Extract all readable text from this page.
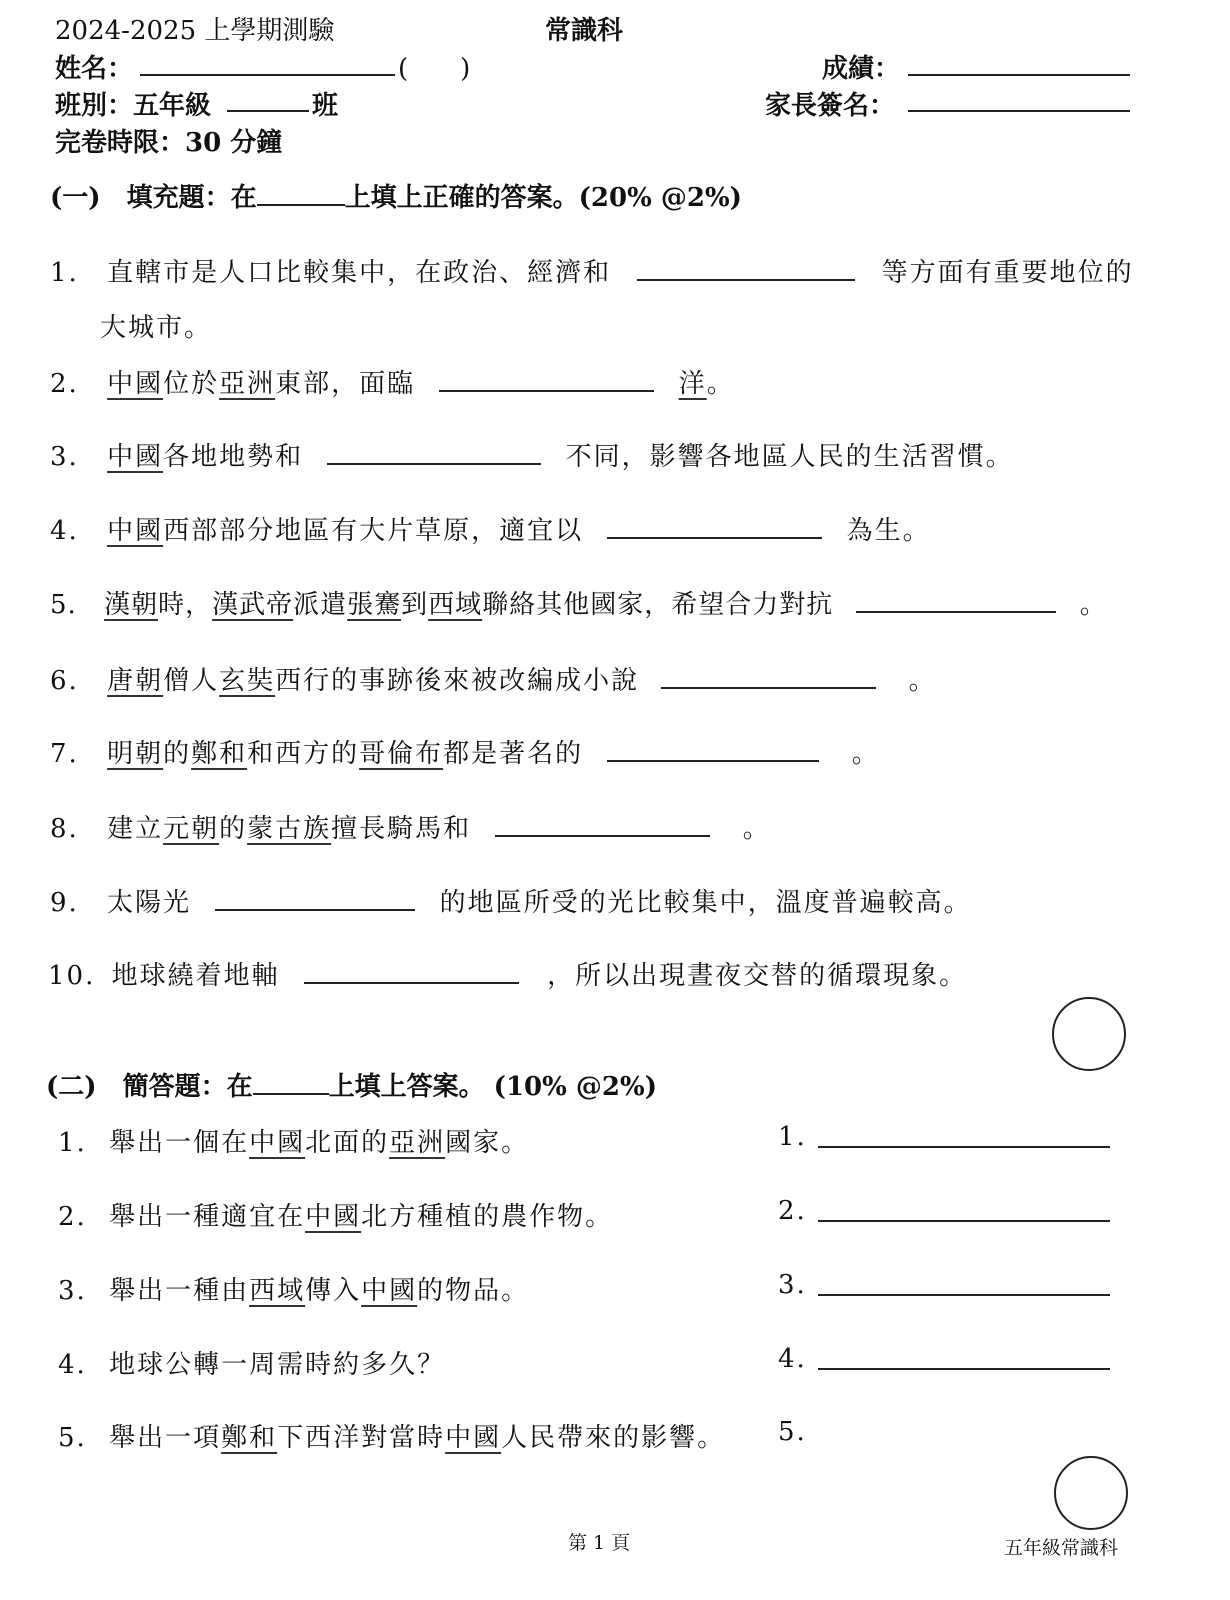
2024-2025 上學期測驗	常識科
姓名：	(　　)	成績：
班別：五年級	班	家長簽名：
完卷時限：30 分鐘
(一)　填充題：在	上填上正確的答案。(20% @2%)
1. 直轄市是人口比較集中，在政治、經濟和	等方面有重要地位的
大城市。
2. 中國位於亞洲東部，面臨	洋。
3. 中國各地地勢和	不同，影響各地區人民的生活習慣。
4. 中國西部部分地區有大片草原，適宜以	為生。
5. 漢朝時，漢武帝派遣張騫到西域聯絡其他國家，希望合力對抗	。
6. 唐朝僧人玄奘西行的事跡後來被改編成小說	。
7. 明朝的鄭和和西方的哥倫布都是著名的	。
8. 建立元朝的蒙古族擅長騎馬和	。
9. 太陽光	的地區所受的光比較集中，溫度普遍較高。
10. 地球繞着地軸	，所以出現晝夜交替的循環現象。
(二)　簡答題：在	上填上答案。 (10% @2%)
1. 舉出一個在中國北面的亞洲國家。	1.
2. 舉出一種適宜在中國北方種植的農作物。	2.
3. 舉出一種由西域傳入中國的物品。	3.
4. 地球公轉一周需時約多久？	4.
5. 舉出一項鄭和下西洋對當時中國人民帶來的影響。 5.
第 1 頁	五年級常識科
